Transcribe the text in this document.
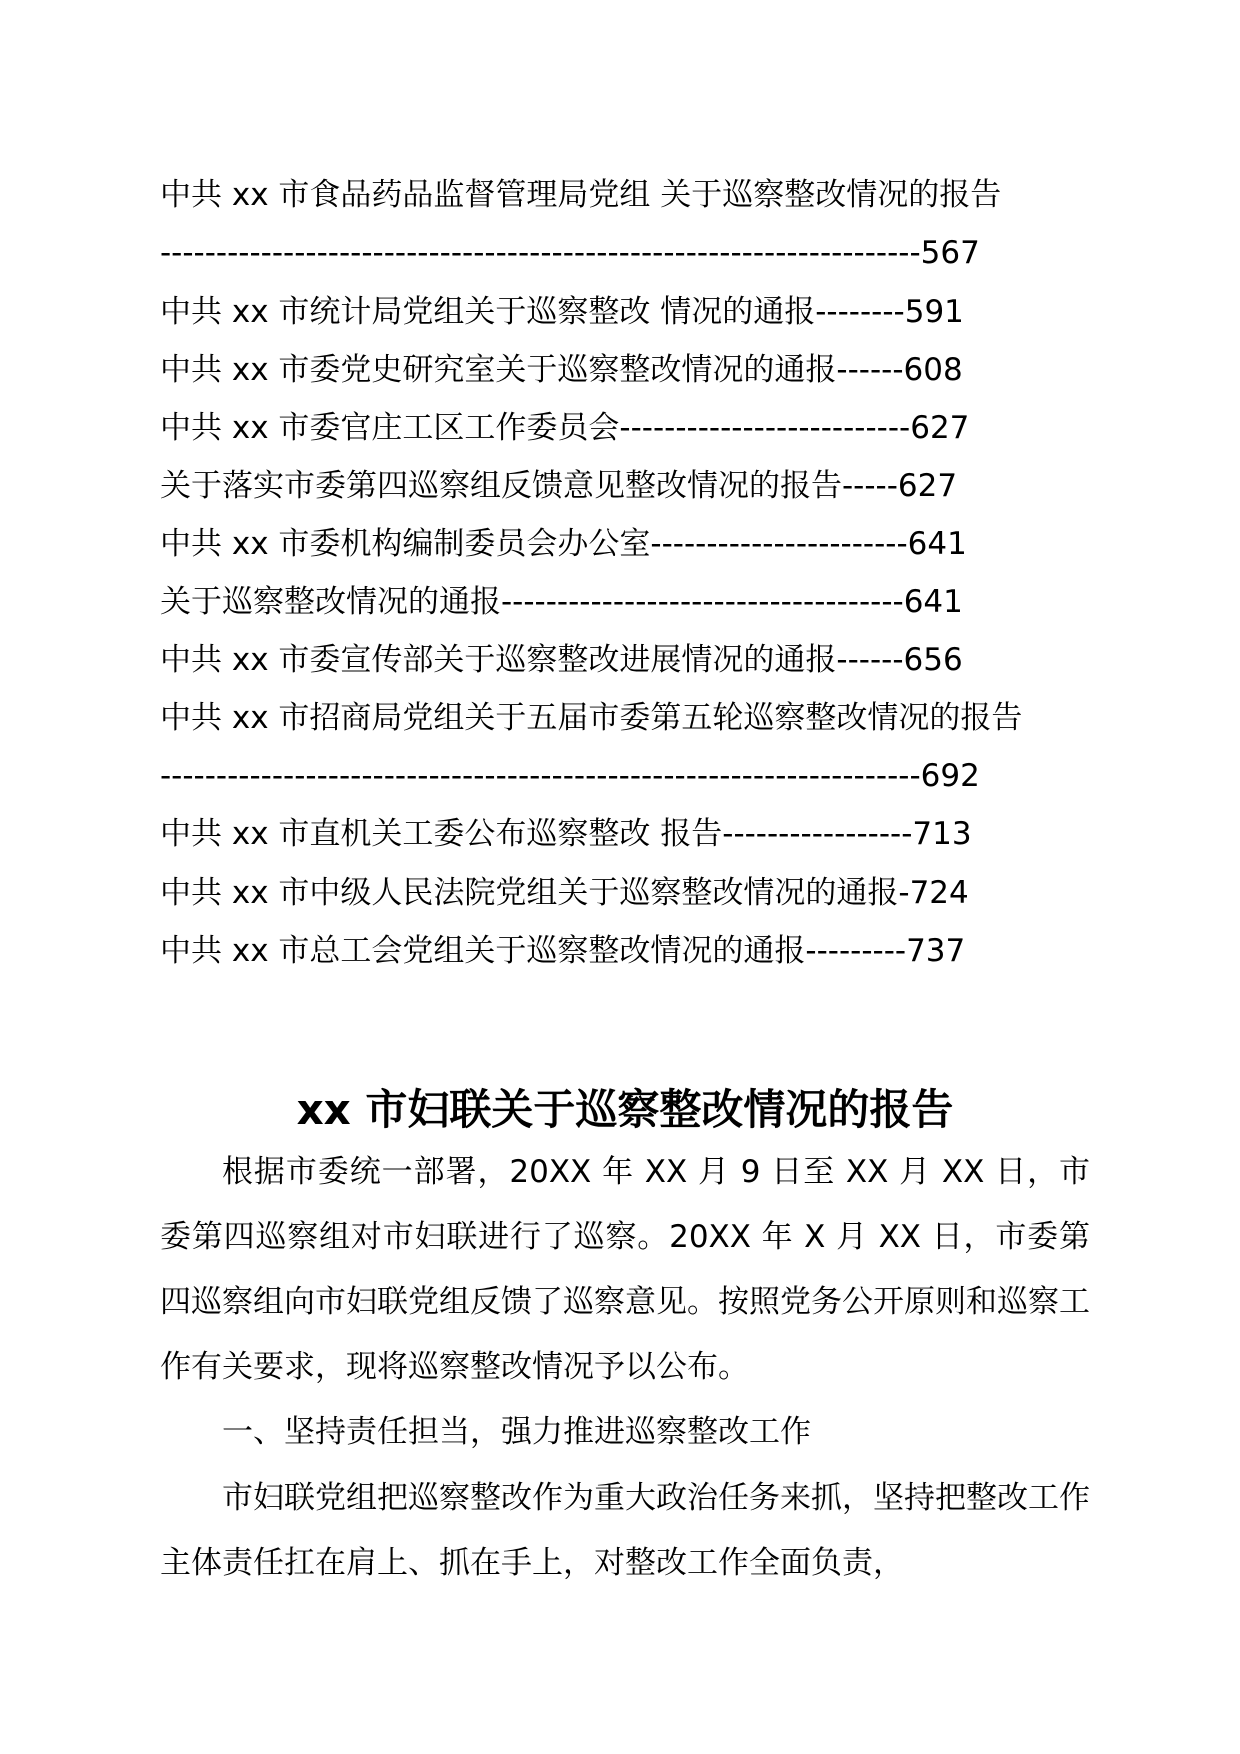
中共 xx 市食品药品监督管理局党组 关于巡察整改情况的报告
--------------------------------------------------------------------567
中共 xx 市统计局党组关于巡察整改 情况的通报--------591
中共 xx 市委党史研究室关于巡察整改情况的通报------608
中共 xx 市委官庄工区工作委员会--------------------------627
关于落实市委第四巡察组反馈意见整改情况的报告-----627
中共 xx 市委机构编制委员会办公室-----------------------641
关于巡察整改情况的通报------------------------------------641
中共 xx 市委宣传部关于巡察整改进展情况的通报------656
中共 xx 市招商局党组关于五届市委第五轮巡察整改情况的报告
--------------------------------------------------------------------692
中共 xx 市直机关工委公布巡察整改 报告-----------------713
中共 xx 市中级人民法院党组关于巡察整改情况的通报-724
中共 xx 市总工会党组关于巡察整改情况的通报---------737
xx 市妇联关于巡察整改情况的报告

根据市委统一部署，20XX 年 XX 月 9 日至 XX 月 XX 日，市委第四巡察组对市妇联进行了巡察。20XX 年 X 月 XX 日，市委第四巡察组向市妇联党组反馈了巡察意见。按照党务公开原则和巡察工作有关要求，现将巡察整改情况予以公布。

一、坚持责任担当，强力推进巡察整改工作

市妇联党组把巡察整改作为重大政治任务来抓，坚持把整改工作主体责任扛在肩上、抓在手上，对整改工作全面负责，
